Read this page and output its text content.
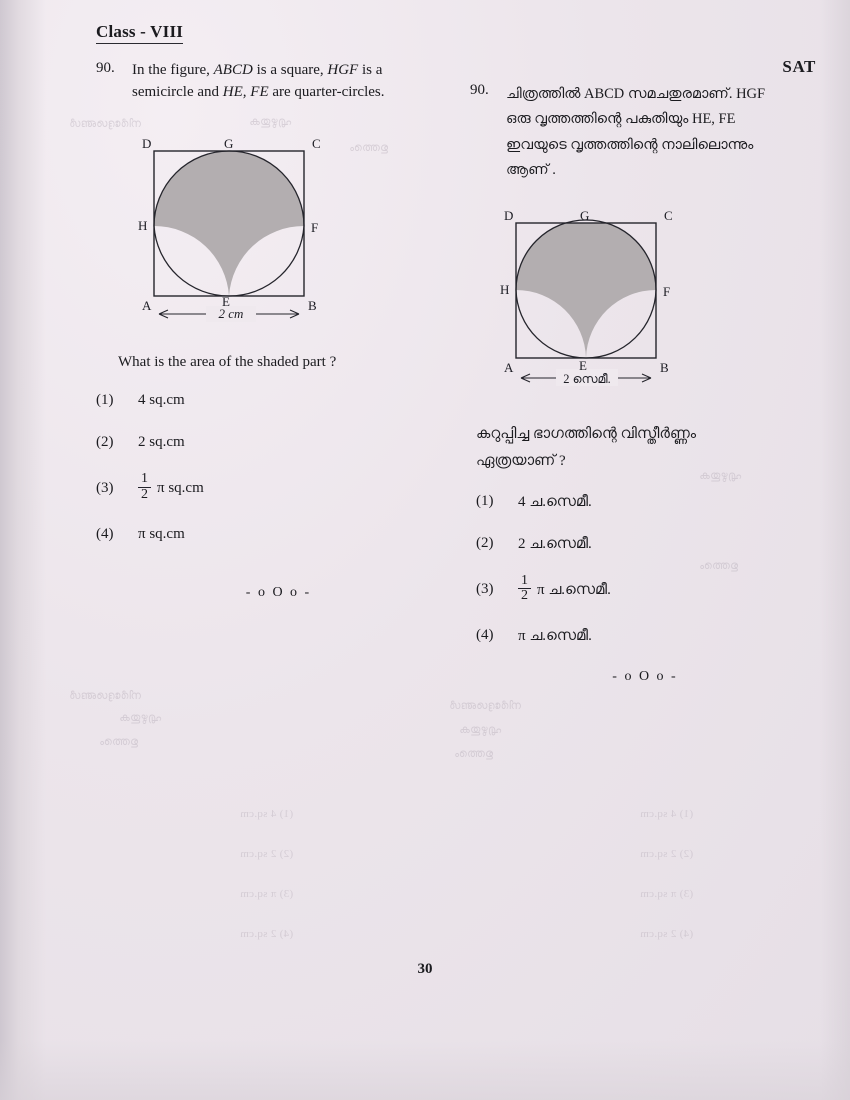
നിർദ്ദേശങ്ങൾ	എഴുതുക
ഉത്തരം
നിർദ്ദേശങ്ങൾ
എഴുതുക
ഉത്തരം
(1) 4 sq.cm
(2) 2 sq.cm
(3) π sq.cm
(4) 2 sq.cm
(1) 4 sq.cm
(2) 2 sq.cm
(3) π sq.cm
(4) 2 sq.cm
നിർദ്ദേശങ്ങൾ
എഴുതുക
ഉത്തരം
എഴുതുക
ഉത്തരം
Class - VIII
SAT
90.	In the figure, ABCD is a square, HGF is a semicircle and HE, FE are quarter-circles.
2 cm
D	G	C
H	F
A	E	B
What is the area of the shaded part ?
(1)	4 sq.cm
(2)	2 sq.cm
(3)	$\frac{1}{2}$ π sq.cm
(4)	π sq.cm
- o O o -
90.	ചിത്രത്തിൽ ABCD സമചതുരമാണ്. HGF
ഒരു വൃത്തത്തിന്റെ പകുതിയും HE, FE
ഇവയുടെ വൃത്തത്തിന്റെ നാലിലൊന്നും
ആണ് .
2 സെമീ.
D	G	C
H	F
A	E	B
കറുപ്പിച്ച ഭാഗത്തിന്റെ വിസ്തീർണ്ണം
ഏത്രയാണ് ?
(1)	4 ച.സെമീ.
(2)	2 ച.സെമീ.
(3)	$\frac{1}{2}$ π ച.സെമീ.
(4)	π ച.സെമീ.
- o O o -
30
